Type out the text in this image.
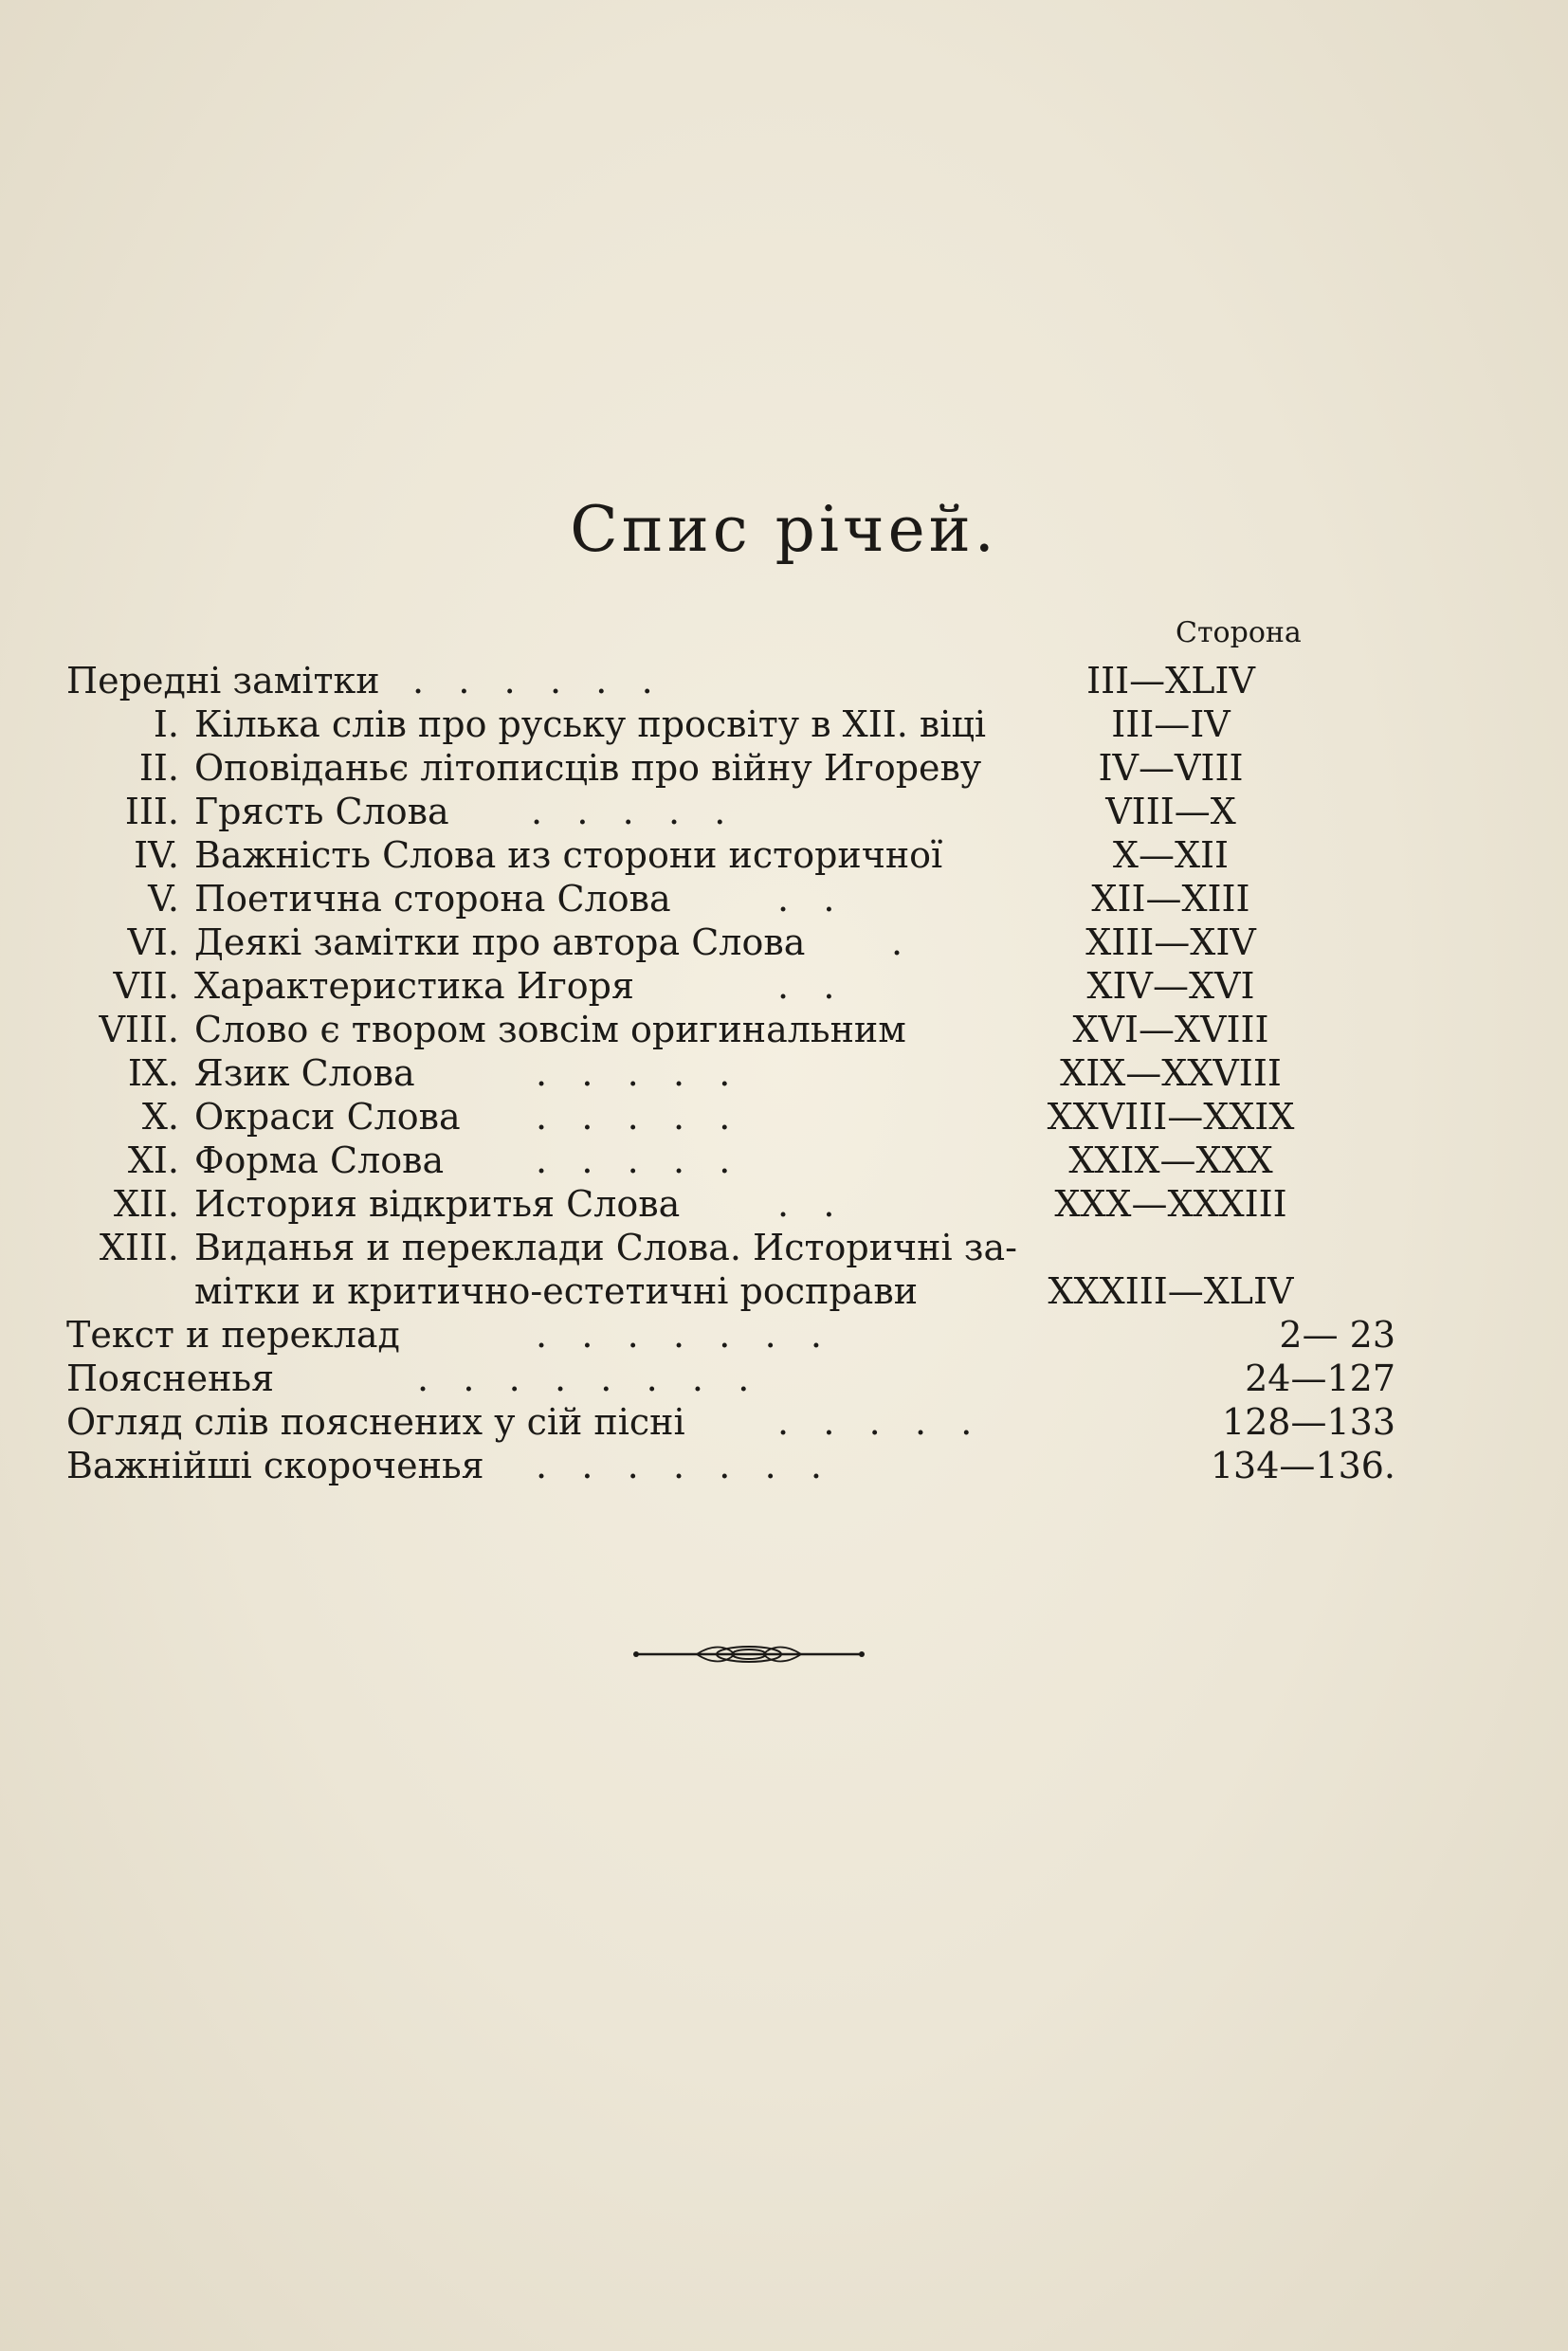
Спис річей.
Сторона
Передні замітки .   .   .   .   .   .	III—XLIV
I. Кілька слів про руську просвіту в XII. віці	III—IV
II. Оповіданьє літописців про війну Игореву	IV—VIII
III. Грясть Слова .   .   .   .   .	VIII—X
IV. Важність Слова из сторони историчної	X—XII
V. Поетична сторона Слова	.   .	XII—XIII
VI. Деякі замітки про автора Слова .	XIII—XIV
VII. Характеристика Игоря	.   .	XIV—XVI
VIII. Слово є твором зовсім оригинальним	XVI—XVIII
IX. Язик Слова	.   .   .   .   .	XIX—XXVIII
X. Окраси Слова .   .   .   .   .	XXVIII—XXIX
XI. Форма Слова	.   .   .   .   .	XXIX—XXX
XII. История відкритья Слова	.   .	XXX—XXXIII
XIII. Виданья и переклади Слова. Историчні за-
мітки и критично-естетичні росправи	XXXIII—XLIV
Текст и переклад	.   .   .   .   .   .   .	2— 23
Поясненья	.   .   .   .   .   .   .   .	24—127
Огляд слів пояснених у сій пісні	.   .   .   .   .	128—133
Важнійші скороченья .   .   .   .   .   .   .	134—136.
